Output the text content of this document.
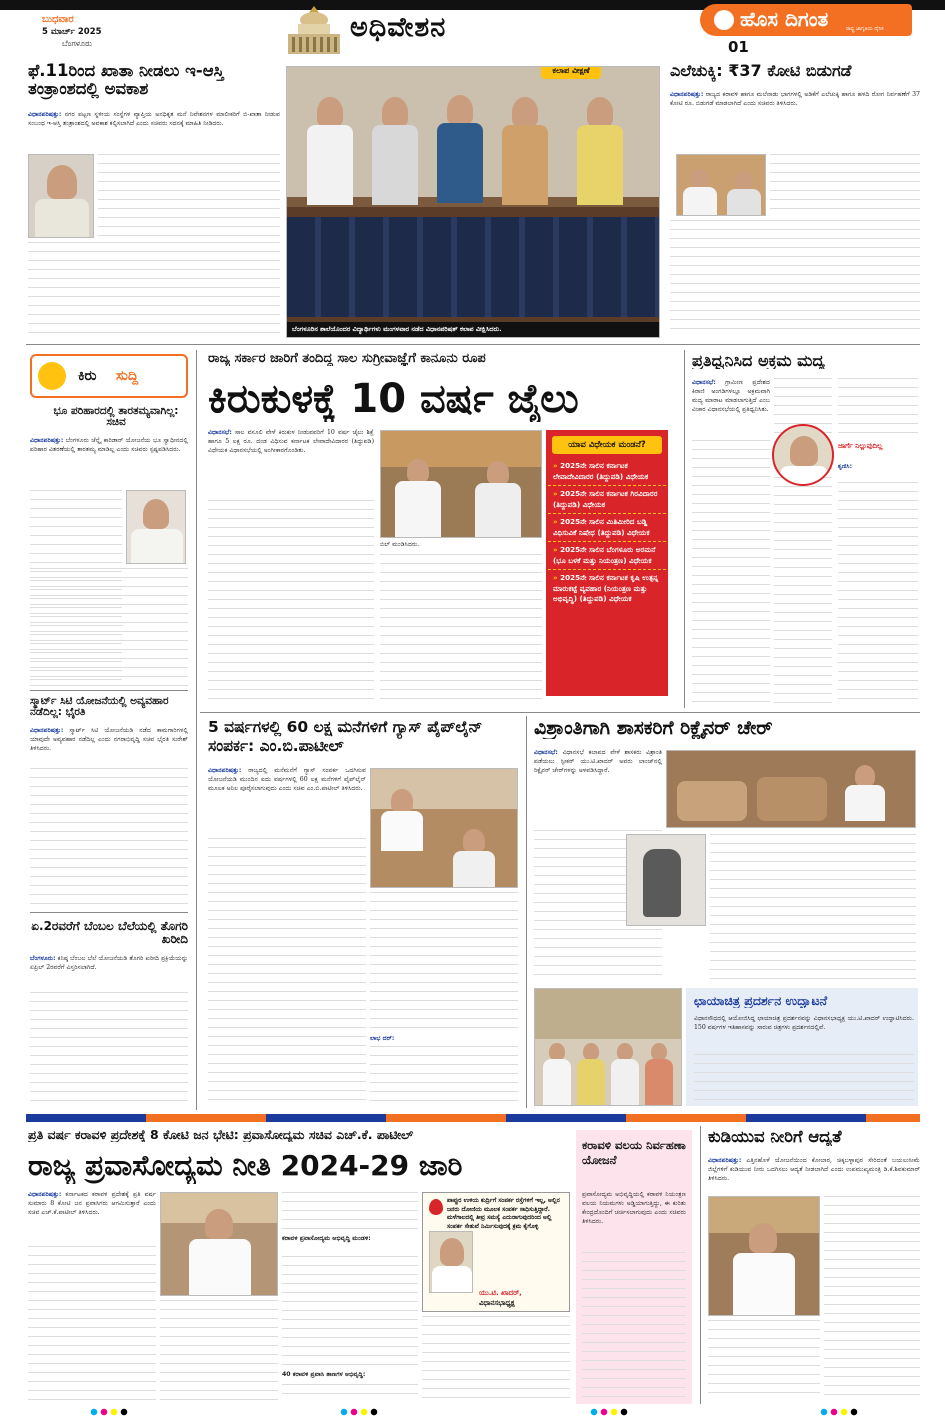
ಬುಧವಾರ
5 ಮಾರ್ಚ್ 2025
ಬೆಂಗಳೂರು
ಅಧಿವೇಶನ	ಹೊಸ ದಿಗಂತ	ರಾಷ್ಟ್ರ ಜಾಗೃತಿಯ ದೈನಿಕ
01
ಫೆ.11ರಿಂದ ಖಾತಾ ನೀಡಲು ಇ-ಆಸ್ತಿ ತಂತ್ರಾಂಶದಲ್ಲಿ ಅವಕಾಶ
ವಿಧಾನಪರಿಷತ್ತು: ನಗರ ಪಟ್ಟಣ ಸ್ಥಳೀಯ ಸಂಸ್ಥೆಗಳ ವ್ಯಾಪ್ತಿಯ ಅನಧಿಕೃತ ಮನೆ ನಿವೇಶನಗಳ ಮಾಲೀಕರಿಗೆ ಬಿ-ಖಾತಾ ನೀಡುವ ಸಂಬಂಧ ಇ-ಆಸ್ತಿ ತಂತ್ರಾಂಶದಲ್ಲಿ ಅವಕಾಶ ಕಲ್ಪಿಸಲಾಗಿದೆ ಎಂದು ಸಚಿವರು ಸದನಕ್ಕೆ ಮಾಹಿತಿ ನೀಡಿದರು.
ಕಲಾಪ ವೀಕ್ಷಣೆ
ಬೆಂಗಳೂರಿನ ಶಾಲೆಯೊಂದರ ವಿದ್ಯಾರ್ಥಿಗಳು ಮಂಗಳವಾರ ನಡೆದ ವಿಧಾನಪರಿಷತ್ ಕಲಾಪ ವೀಕ್ಷಿಸಿದರು.
ಎಲೆಚುಕ್ಕಿ: ₹37 ಕೋಟಿ ಬಿಡುಗಡೆ
ವಿಧಾನಪರಿಷತ್ತು: ರಾಜ್ಯದ ಕರಾವಳಿ ಹಾಗೂ ಮಲೆನಾಡು ಭಾಗಗಳಲ್ಲಿ ಅಡಿಕೆಗೆ ಎಲೆಚುಕ್ಕಿ ಹಾಗೂ ಹಳದಿ ರೋಗ ನಿರ್ವಹಣೆಗೆ 37 ಕೋಟಿ ರೂ. ಬಿಡುಗಡೆ ಮಾಡಲಾಗಿದೆ ಎಂದು ಸಚಿವರು ತಿಳಿಸಿದರು.
ಕಿರು ಸುದ್ದಿ
ಭೂ ಪರಿಹಾರದಲ್ಲಿ ತಾರತಮ್ಯವಾಗಿಲ್ಲ: ಸಚಿವ
ವಿಧಾನಪರಿಷತ್ತು: ಬೆಂಗಳೂರು ಚೆನ್ನೈ ಕಾರಿಡಾರ್ ಯೋಜನೆಯ ಭೂ ಸ್ವಾಧೀನದಲ್ಲಿ ಪರಿಹಾರ ವಿತರಣೆಯಲ್ಲಿ ತಾರತಮ್ಯ ಮಾಡಿಲ್ಲ ಎಂದು ಸಚಿವರು ಸ್ಪಷ್ಟಪಡಿಸಿದರು.
ಸ್ಮಾರ್ಟ್ ಸಿಟಿ ಯೋಜನೆಯಲ್ಲಿ ಅವ್ಯವಹಾರ ನಡೆದಿಲ್ಲ: ಭೈರತಿ
ವಿಧಾನಪರಿಷತ್ತು: ಸ್ಮಾರ್ಟ್ ಸಿಟಿ ಯೋಜನೆಯಡಿ ನಡೆದ ಕಾಮಗಾರಿಗಳಲ್ಲಿ ಯಾವುದೇ ಅವ್ಯವಹಾರ ನಡೆದಿಲ್ಲ ಎಂದು ನಗರಾಭಿವೃದ್ಧಿ ಸಚಿವ ಭೈರತಿ ಸುರೇಶ್ ತಿಳಿಸಿದರು.
ಏ.2ರವರೆಗೆ ಬೆಂಬಲ ಬೆಲೆಯಲ್ಲಿ ತೊಗರಿ ಖರೀದಿ
ಬೆಂಗಳೂರು: ಕನಿಷ್ಠ ಬೆಂಬಲ ಬೆಲೆ ಯೋಜನೆಯಡಿ ತೊಗರಿ ಖರೀದಿ ಪ್ರಕ್ರಿಯೆಯನ್ನು ಏಪ್ರಿಲ್ 2ರವರೆಗೆ ವಿಸ್ತರಿಸಲಾಗಿದೆ.
ರಾಜ್ಯ ಸರ್ಕಾರ ಜಾರಿಗೆ ತಂದಿದ್ದ ಸಾಲ ಸುಗ್ರೀವಾಜ್ಞೆಗೆ ಕಾನೂನು ರೂಪ
ಕಿರುಕುಳಕ್ಕೆ 10 ವರ್ಷ ಜೈಲು
ವಿಧಾನಸಭೆ: ಸಾಲ ವಸೂಲಿ ವೇಳೆ ಕಿರುಕುಳ ನೀಡುವವರಿಗೆ 10 ವರ್ಷ ಜೈಲು ಶಿಕ್ಷೆ ಹಾಗೂ 5 ಲಕ್ಷ ರೂ. ದಂಡ ವಿಧಿಸುವ ಕರ್ನಾಟಕ ಲೇವಾದೇವಿದಾರರ (ತಿದ್ದುಪಡಿ) ವಿಧೇಯಕ ವಿಧಾನಸಭೆಯಲ್ಲಿ ಅಂಗೀಕಾರಗೊಂಡಿತು.
ಬಿಲ್ ಮಂಡಿಸಿದರು.
ಯಾವ ವಿಧೇಯಕ ಮಂಡನೆ?
» 2025ನೇ ಸಾಲಿನ ಕರ್ನಾಟಕ ಲೇವಾದೇವಿದಾರರ (ತಿದ್ದುಪಡಿ) ವಿಧೇಯಕ
» 2025ನೇ ಸಾಲಿನ ಕರ್ನಾಟಕ ಗಿರವಿದಾರರ (ತಿದ್ದುಪಡಿ) ವಿಧೇಯಕ
» 2025ನೇ ಸಾಲಿನ ಮಿತಿಮೀರಿದ ಬಡ್ಡಿ ವಿಧಿಸುವಿಕೆ ನಿಷೇಧ (ತಿದ್ದುಪಡಿ) ವಿಧೇಯಕ
» 2025ನೇ ಸಾಲಿನ ಬೆಂಗಳೂರು ಅರಮನೆ (ಭೂ ಬಳಕೆ ಮತ್ತು ನಿಯಂತ್ರಣ) ವಿಧೇಯಕ
» 2025ನೇ ಸಾಲಿನ ಕರ್ನಾಟಕ ಕೃಷಿ ಉತ್ಪನ್ನ ಮಾರುಕಟ್ಟೆ ವ್ಯವಹಾರ (ನಿಯಂತ್ರಣ ಮತ್ತು ಅಭಿವೃದ್ಧಿ) (ತಿದ್ದುಪಡಿ) ವಿಧೇಯಕ
ಪ್ರತಿಧ್ವನಿಸಿದ ಅಕ್ರಮ ಮದ್ಯ
ವಿಧಾನಸಭೆ: ಗ್ರಾಮೀಣ ಪ್ರದೇಶದ ಕಿರಾಣಿ ಅಂಗಡಿಗಳಲ್ಲೂ ಅಕ್ರಮವಾಗಿ ಮದ್ಯ ಮಾರಾಟ ಮಾಡಲಾಗುತ್ತಿದೆ ಎಂಬ ವಿಚಾರ ವಿಧಾನಸಭೆಯಲ್ಲಿ ಪ್ರತಿಧ್ವನಿಸಿತು.
ಜಾರ್ಗೆ ನಿಲ್ಲುವುದಿಲ್ಲ
ಕೃಣಿಸಿ:
5 ವರ್ಷಗಳಲ್ಲಿ 60 ಲಕ್ಷ ಮನೆಗಳಿಗೆ ಗ್ಯಾಸ್ ಪೈಪ್‌ಲೈನ್ ಸಂಪರ್ಕ: ಎಂ.ಬಿ.ಪಾಟೀಲ್
ವಿಧಾನಪರಿಷತ್ತು: ರಾಜ್ಯದಲ್ಲಿ ಮನೆಮನೆಗೆ ಗ್ಯಾಸ್ ಸಂಪರ್ಕ ಒದಗಿಸುವ ಯೋಜನೆಯಡಿ ಮುಂದಿನ ಐದು ವರ್ಷಗಳಲ್ಲಿ 60 ಲಕ್ಷ ಮನೆಗಳಿಗೆ ಪೈಪ್‌ಲೈನ್ ಮೂಲಕ ಅನಿಲ ಪೂರೈಸಲಾಗುವುದು ಎಂದು ಸಚಿವ ಎಂ.ಬಿ.ಪಾಟೀಲ್ ತಿಳಿಸಿದರು.
ಲಾಭ ದರ್:
ವಿಶ್ರಾಂತಿಗಾಗಿ ಶಾಸಕರಿಗೆ ರಿಕ್ಲೈನರ್ ಚೇರ್
ವಿಧಾನಸಭೆ: ವಿಧಾನಸಭೆ ಕಲಾಪದ ವೇಳೆ ಶಾಸಕರು ವಿಶ್ರಾಂತಿ ಪಡೆಯಲು ಸ್ಪೀಕರ್ ಯು.ಟಿ.ಖಾದರ್ ಅವರು ಲಾಂಜ್‌ನಲ್ಲಿ ರಿಕ್ಲೈನರ್ ಚೇರ್‌ಗಳನ್ನು ಅಳವಡಿಸಿದ್ದಾರೆ.
ಛಾಯಾಚಿತ್ರ ಪ್ರದರ್ಶನ ಉದ್ಘಾಟನೆ
ವಿಧಾನಸೌಧದಲ್ಲಿ ಆಯೋಜಿಸಿದ್ದ ಛಾಯಾಚಿತ್ರ ಪ್ರದರ್ಶನವನ್ನು ವಿಧಾನಸಭಾಧ್ಯಕ್ಷ ಯು.ಟಿ.ಖಾದರ್ ಉದ್ಘಾಟಿಸಿದರು. 150 ವರ್ಷಗಳ ಇತಿಹಾಸವನ್ನು ಸಾರುವ ಚಿತ್ರಗಳು ಪ್ರದರ್ಶನದಲ್ಲಿವೆ.
ಪ್ರತಿ ವರ್ಷ ಕರಾವಳಿ ಪ್ರದೇಶಕ್ಕೆ 8 ಕೋಟಿ ಜನ ಭೇಟಿ: ಪ್ರವಾಸೋದ್ಯಮ ಸಚಿವ ಎಚ್.ಕೆ. ಪಾಟೀಲ್
ರಾಜ್ಯ ಪ್ರವಾಸೋದ್ಯಮ ನೀತಿ 2024-29 ಜಾರಿ
ವಿಧಾನಪರಿಷತ್ತು: ಕರ್ನಾಟಕದ ಕರಾವಳಿ ಪ್ರದೇಶಕ್ಕೆ ಪ್ರತಿ ವರ್ಷ ಸುಮಾರು 8 ಕೋಟಿ ಜನ ಪ್ರವಾಸಿಗರು ಆಗಮಿಸುತ್ತಾರೆ ಎಂದು ಸಚಿವ ಎಚ್.ಕೆ.ಪಾಟೀಲ್ ತಿಳಿಸಿದರು.
ಕರಾವಳಿ ಪ್ರವಾಸೋದ್ಯಮ ಅಭಿವೃದ್ಧಿ ಮಂಡಳಿ:
40 ಕರಾವಳಿ ಪ್ರವಾಸಿ ತಾಣಗಳ ಅಭಿವೃದ್ಧಿ:
ಪಾಪ್ಪುರ ಉಳಿಯ ಕುರ್ದ್ರಿಗೆ ಸಂಪರ್ಕ ರಸ್ತೆಗಳಿಗೆ ಇಲ್ಲ, ಅಲ್ಲಿನ ಜನರು ದೋಣಿಯ ಮೂಲಕ ಸಂಪರ್ಕ ಸಾಧಿಸುತ್ತಿದ್ದಾರೆ. ಮಳೆಗಾಲದಲ್ಲಿ ತೀವ್ರ ಸಮಸ್ಯೆ ಎದುರಾಗುವುದರಿಂದ ಅಲ್ಲಿ ಸಂಪರ್ಕ ಸೇತುವೆ ನಿರ್ಮಿಸುವುದಕ್ಕೆ ಕ್ರಮ ಕೈಗೊಳ್ಳಿ
ಯು.ಟಿ. ಖಾದರ್,
ವಿಧಾನಸಭಾಧ್ಯಕ್ಷ
ಕರಾವಳಿ ವಲಯ ನಿರ್ವಹಣಾ ಯೋಜನೆ
ಪ್ರವಾಸೋದ್ಯಮ ಅಭಿವೃದ್ಧಿಯಲ್ಲಿ ಕರಾವಳಿ ನಿಯಂತ್ರಣ ವಲಯ ನಿಯಮಗಳು ಅಡ್ಡಿಯಾಗುತ್ತಿದ್ದು, ಈ ಕುರಿತು ಕೇಂದ್ರದೊಂದಿಗೆ ಚರ್ಚಿಸಲಾಗುವುದು ಎಂದು ಸಚಿವರು ತಿಳಿಸಿದರು.
ಕುಡಿಯುವ ನೀರಿಗೆ ಆದ್ಯತೆ
ವಿಧಾನಪರಿಷತ್ತು: ಎತ್ತಿನಹೊಳೆ ಯೋಜನೆಯಿಂದ ಕೋಲಾರ, ಚಿಕ್ಕಬಳ್ಳಾಪುರ ಸೇರಿದಂತೆ ಬಯಲುಸೀಮೆ ಜಿಲ್ಲೆಗಳಿಗೆ ಕುಡಿಯುವ ನೀರು ಒದಗಿಸಲು ಆದ್ಯತೆ ನೀಡಲಾಗಿದೆ ಎಂದು ಉಪಮುಖ್ಯಮಂತ್ರಿ ಡಿ.ಕೆ.ಶಿವಕುಮಾರ್ ತಿಳಿಸಿದರು.
